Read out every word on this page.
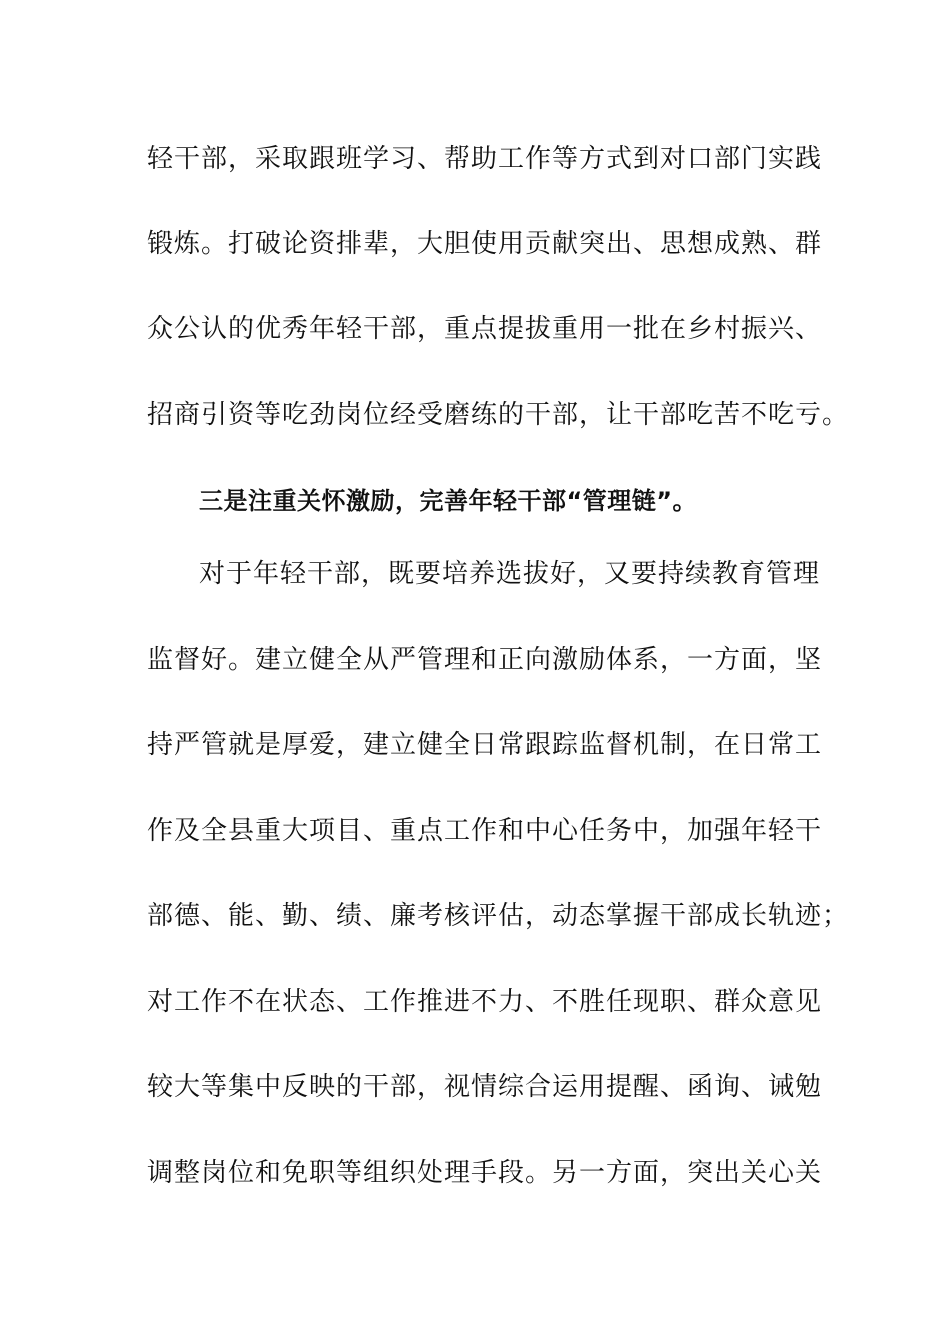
轻干部，采取跟班学习、帮助工作等方式到对口部门实践
锻炼。打破论资排辈，大胆使用贡献突出、思想成熟、群
众公认的优秀年轻干部，重点提拔重用一批在乡村振兴、
招商引资等吃劲岗位经受磨练的干部，让干部吃苦不吃亏。
三是注重关怀激励，完善年轻干部“管理链”。
对于年轻干部，既要培养选拔好，又要持续教育管理
监督好。建立健全从严管理和正向激励体系，一方面，坚
持严管就是厚爱，建立健全日常跟踪监督机制，在日常工
作及全县重大项目、重点工作和中心任务中，加强年轻干
部德、能、勤、绩、廉考核评估，动态掌握干部成长轨迹；
对工作不在状态、工作推进不力、不胜任现职、群众意见
较大等集中反映的干部，视情综合运用提醒、函询、诫勉
调整岗位和免职等组织处理手段。另一方面，突出关心关
